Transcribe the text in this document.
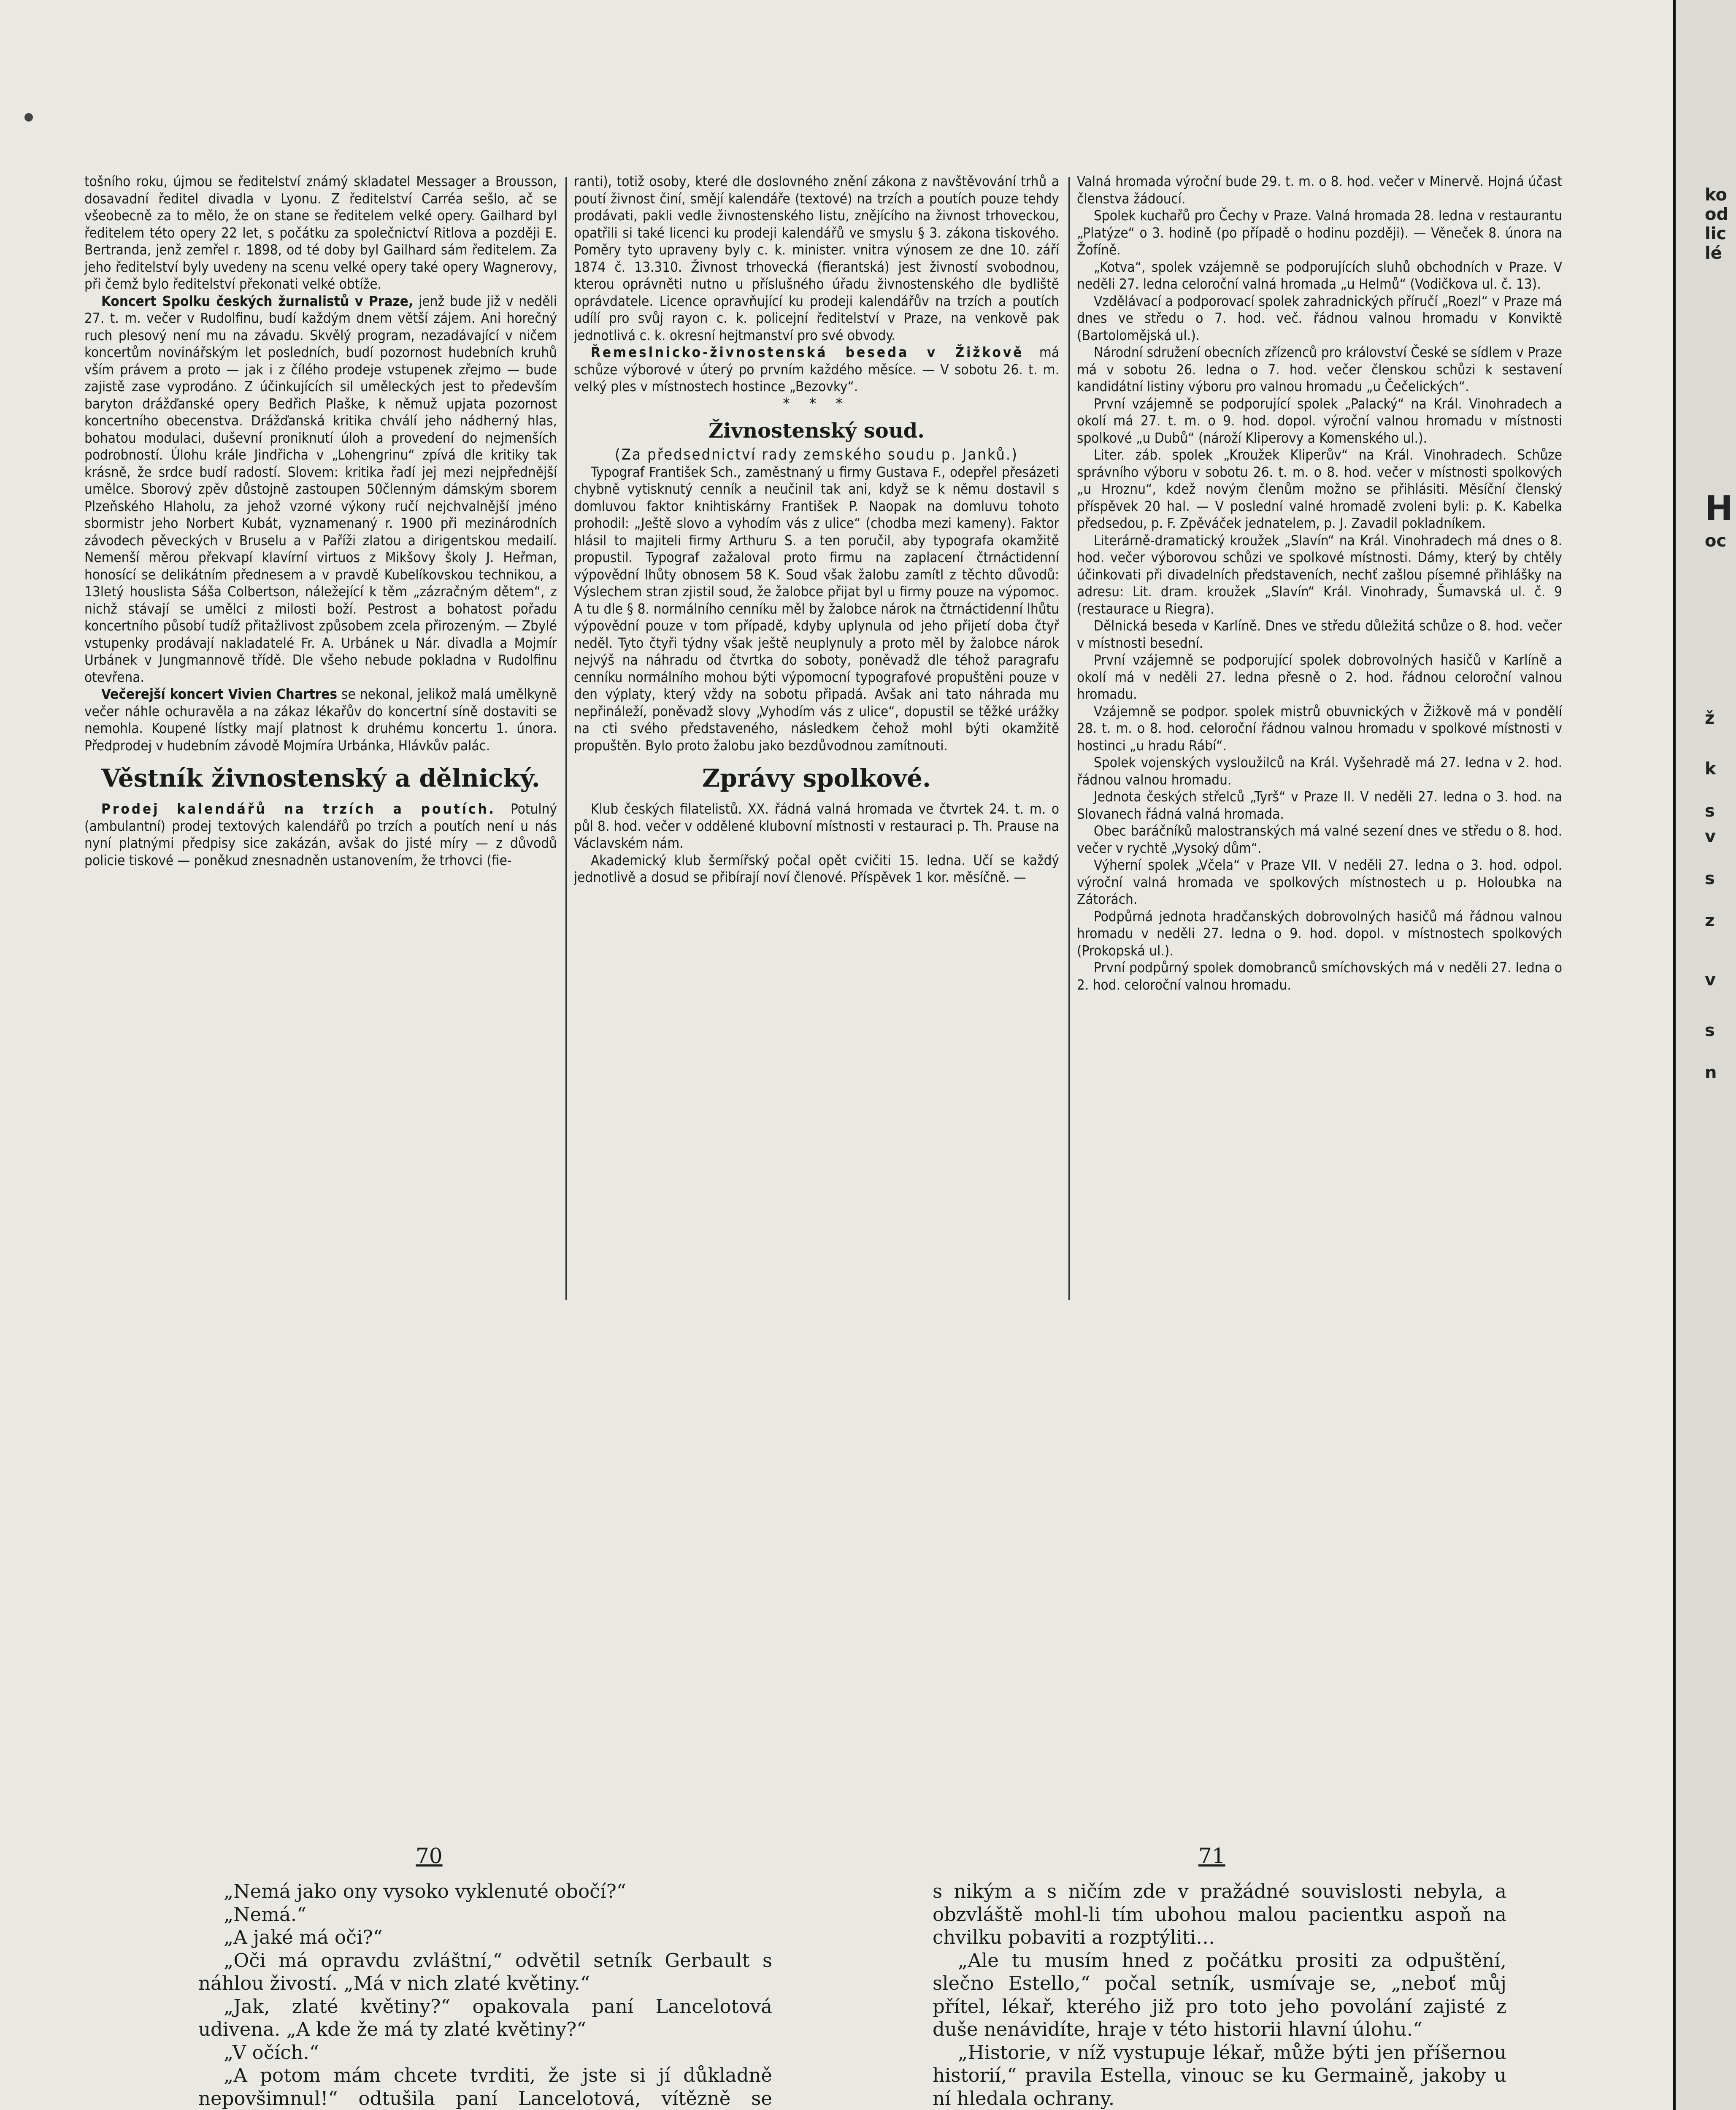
ko
od
lic
lé
H
oc
ž
k
s
v
s
z
v
s
n

tošního roku, újmou se ředitelství známý skladatel Messager a Brousson, dosavadní ředitel divadla v Lyonu. Z ředitelství Carréa sešlo, ač se všeobecně za to mělo, že on stane se ředitelem velké opery. Gailhard byl ředitelem této opery 22 let, s počátku za společnictví Ritlova a později E. Bertranda, jenž zemřel r. 1898, od té doby byl Gailhard sám ředitelem. Za jeho ředitelství byly uvedeny na scenu velké opery také opery Wagnerovy, při čemž bylo ředitelství překonati velké obtíže.

Koncert Spolku českých žurnalistů v Praze, jenž bude již v neděli 27. t. m. večer v Rudolfinu, budí každým dnem větší zájem. Ani horečný ruch plesový není mu na závadu. Skvělý program, nezadávající v ničem koncertům novinářským let posledních, budí pozornost hudebních kruhů vším právem a proto — jak i z čílého prodeje vstupenek zřejmo — bude zajistě zase vyprodáno. Z účinkujících sil uměleckých jest to především baryton drážďanské opery Bedřich Plaške, k němuž upjata pozornost koncertního obecenstva. Drážďanská kritika chválí jeho nádherný hlas, bohatou modulaci, duševní proniknutí úloh a provedení do nejmenších podrobností. Úlohu krále Jindřicha v „Lohengrinu“ zpívá dle kritiky tak krásně, že srdce budí radostí. Slovem: kritika řadí jej mezi nejpřednější umělce. Sborový zpěv důstojně zastoupen 50členným dámským sborem Plzeňského Hlaholu, za jehož vzorné výkony ručí nejchvalnější jméno sbormistr jeho Norbert Kubát, vyznamenaný r. 1900 při mezinárodních závodech pěveckých v Bruselu a v Paříži zlatou a dirigentskou medailí. Nemenší měrou překvapí klavírní virtuos z Mikšovy školy J. Heřman, honosící se delikátním přednesem a v pravdě Kubelíkovskou technikou, a 13letý houslista Sáša Colbertson, náležející k těm „zázračným dětem“, z nichž stávají se umělci z milosti boží. Pestrost a bohatost pořadu koncertního působí tudíž přitažlivost způsobem zcela přirozeným. — Zbylé vstupenky prodávají nakladatelé Fr. A. Urbánek u Nár. divadla a Mojmír Urbánek v Jungmannově třídě. Dle všeho nebude pokladna v Rudolfinu otevřena.

Večerejší koncert Vivien Chartres se nekonal, jelikož malá umělkyně večer náhle ochuravěla a na zákaz lékařův do koncertní síně dostaviti se nemohla. Koupené lístky mají platnost k druhému koncertu 1. února. Předprodej v hudebním závodě Mojmíra Urbánka, Hlávkův palác.

Věstník živnostenský a dělnický.

Prodej kalendářů na trzích a poutích. Potulný (ambulantní) prodej textových kalendářů po trzích a poutích není u nás nyní platnými předpisy sice zakázán, avšak do jisté míry — z důvodů policie tiskové — poněkud znesnadněn ustanovením, že trhovci (fie-

ranti), totiž osoby, které dle doslovného znění zákona z navštěvování trhů a poutí živnost činí, smějí kalendáře (textové) na trzích a poutích pouze tehdy prodávati, pakli vedle živnostenského listu, znějícího na živnost trhoveckou, opatřili si také licenci ku prodeji kalendářů ve smyslu § 3. zákona tiskového. Poměry tyto upraveny byly c. k. minister. vnitra výnosem ze dne 10. září 1874 č. 13.310. Živnost trhovecká (fierantská) jest živností svobodnou, kterou oprávněti nutno u příslušného úřadu živnostenského dle bydliště oprávdatele. Licence opravňující ku prodeji kalendářův na trzích a poutích udílí pro svůj rayon c. k. policejní ředitelství v Praze, na venkově pak jednotlivá c. k. okresní hejtmanství pro své obvody.

Řemeslnicko-živnostenská beseda v Žižkově má schůze výborové v úterý po prvním každého měsíce. — V sobotu 26. t. m. velký ples v místnostech hostince „Bezovky“.

* * *
Živnostenský soud.
(Za předsednictví rady zemského soudu p. Janků.)

Typograf František Sch., zaměstnaný u firmy Gustava F., odepřel přesázeti chybně vytisknutý cenník a neučinil tak ani, když se k němu dostavil s domluvou faktor knihtiskárny František P. Naopak na domluvu tohoto prohodil: „Ještě slovo a vyhodím vás z ulice“ (chodba mezi kameny). Faktor hlásil to majiteli firmy Arthuru S. a ten poručil, aby typografa okamžitě propustil. Typograf zažaloval proto firmu na zaplacení čtrnáctidenní výpovědní lhůty obnosem 58 K. Soud však žalobu zamítl z těchto důvodů: Výslechem stran zjistil soud, že žalobce přijat byl u firmy pouze na výpomoc. A tu dle § 8. normálního cenníku měl by žalobce nárok na čtrnáctidenní lhůtu výpovědní pouze v tom případě, kdyby uplynula od jeho přijetí doba čtyř neděl. Tyto čtyři týdny však ještě neuplynuly a proto měl by žalobce nárok nejvýš na náhradu od čtvrtka do soboty, poněvadž dle téhož paragrafu cenníku normálního mohou býti výpomocní typografové propuštěni pouze v den výplaty, který vždy na sobotu připadá. Avšak ani tato náhrada mu nepřináleží, poněvadž slovy „Vyhodím vás z ulice“, dopustil se těžké urážky na cti svého představeného, následkem čehož mohl býti okamžitě propuštěn. Bylo proto žalobu jako bezdůvodnou zamítnouti.

Zprávy spolkové.

Klub českých filatelistů. XX. řádná valná hromada ve čtvrtek 24. t. m. o půl 8. hod. večer v oddělené klubovní místnosti v restauraci p. Th. Prause na Václavském nám.

Akademický klub šermířský počal opět cvičiti 15. ledna. Učí se každý jednotlivě a dosud se přibírají noví členové. Příspěvek 1 kor. měsíčně. —

Valná hromada výroční bude 29. t. m. o 8. hod. večer v Minervě. Hojná účast členstva žádoucí.

Spolek kuchařů pro Čechy v Praze. Valná hromada 28. ledna v restaurantu „Platýze“ o 3. hodině (po případě o hodinu později). — Věneček 8. února na Žofíně.

„Kotva“, spolek vzájemně se podporujících sluhů obchodních v Praze. V neděli 27. ledna celoroční valná hromada „u Helmů“ (Vodičkova ul. č. 13).

Vzdělávací a podporovací spolek zahradnických příručí „Roezl“ v Praze má dnes ve středu o 7. hod. več. řádnou valnou hromadu v Konviktě (Bartolomějská ul.).

Národní sdružení obecních zřízenců pro království České se sídlem v Praze má v sobotu 26. ledna o 7. hod. večer členskou schůzi k sestavení kandidátní listiny výboru pro valnou hromadu „u Čečelických“.

První vzájemně se podporující spolek „Palacký“ na Král. Vinohradech a okolí má 27. t. m. o 9. hod. dopol. výroční valnou hromadu v místnosti spolkové „u Dubů“ (nároží Kliperovy a Komenského ul.).

Liter. záb. spolek „Kroužek Kliperův“ na Král. Vinohradech. Schůze správního výboru v sobotu 26. t. m. o 8. hod. večer v místnosti spolkových „u Hroznu“, kdež novým členům možno se přihlásiti. Měsíční členský příspěvek 20 hal. — V poslední valné hromadě zvoleni byli: p. K. Kabelka předsedou, p. F. Zpěváček jednatelem, p. J. Zavadil pokladníkem.

Literárně-dramatický kroužek „Slavín“ na Král. Vinohradech má dnes o 8. hod. večer výborovou schůzi ve spolkové místnosti. Dámy, který by chtěly účinkovati při divadelních představeních, nechť zašlou písemné přihlášky na adresu: Lit. dram. kroužek „Slavín“ Král. Vinohrady, Šumavská ul. č. 9 (restaurace u Riegra).

Dělnická beseda v Karlíně. Dnes ve středu důležitá schůze o 8. hod. večer v místnosti besední.

První vzájemně se podporující spolek dobrovolných hasičů v Karlíně a okolí má v neděli 27. ledna přesně o 2. hod. řádnou celoroční valnou hromadu.

Vzájemně se podpor. spolek mistrů obuvnických v Žižkově má v pondělí 28. t. m. o 8. hod. celoroční řádnou valnou hromadu v spolkové místnosti v hostinci „u hradu Rábí“.

Spolek vojenských vysloužilců na Král. Vyšehradě má 27. ledna v 2. hod. řádnou valnou hromadu.

Jednota českých střelců „Tyrš“ v Praze II. V neděli 27. ledna o 3. hod. na Slovanech řádná valná hromada.

Obec baráčníků malostranských má valné sezení dnes ve středu o 8. hod. večer v rychtě „Vysoký dům“.

Výherní spolek „Včela“ v Praze VII. V neděli 27. ledna o 3. hod. odpol. výroční valná hromada ve spolkových místnostech u p. Holoubka na Zátorách.

Podpůrná jednota hradčanských dobrovolných hasičů má řádnou valnou hromadu v neděli 27. ledna o 9. hod. dopol. v místnostech spolkových (Prokopská ul.).

První podpůrný spolek domobranců smíchovských má v neděli 27. ledna o 2. hod. celoroční valnou hromadu.

70	71

„Nemá jako ony vysoko vyklenuté obočí?“

„Nemá.“

„A jaké má oči?“

„Oči má opravdu zvláštní,“ odvětil setník Gerbault s náhlou živostí. „Má v nich zlaté květiny.“

„Jak, zlaté květiny?“ opakovala paní Lancelotová udivena. „A kde že má ty zlaté květiny?“

„V očích.“

„A potom mám chcete tvrditi, že jste si jí důkladně nepovšimnul!“ odtušila paní Lancelotová, vítězně se

s nikým a s ničím zde v pražádné souvislosti nebyla, a obzvláště mohl-li tím ubohou malou pacientku aspoň na chvilku pobaviti a rozptýliti…

„Ale tu musím hned z počátku prositi za odpuštění, slečno Estello,“ počal setník, usmívaje se, „neboť můj přítel, lékař, kterého již pro toto jeho povolání zajisté z duše nenávidíte, hraje v této historii hlavní úlohu.“

„Historie, v níž vystupuje lékař, může býti jen příšernou historií,“ pravila Estella, vinouc se ku Germaině, jakoby u ní hledala ochrany.
